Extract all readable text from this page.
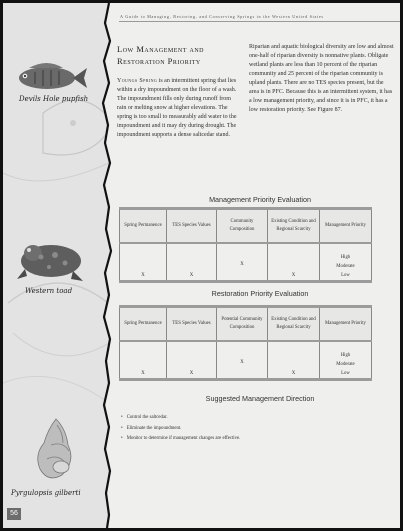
Devils Hole pupfish
Western toad
Pyrgulopsis gilberti
56
A Guide to Managing, Restoring, and Conserving Springs in the Western United States
Low Management and Restoration Priority

Youngs Spring is an intermittent spring that lies within a dry impoundment on the floor of a wash. The impoundment fills only during runoff from rain or melting snow at higher elevations. The spring is too small to measurably add water to the impoundment and it may dry during drought. The impoundment supports a dense saltcedar stand.

Riparian and aquatic biological diversity are low and almost one-half of riparian diversity is nonnative plants. Obligate wetland plants are less than 10 percent of the riparian community and 25 percent of the riparian community is upland plants. There are no TES species present, but the area is in PFC. Because this is an intermittent system, it has a low management priority, and since it is in PFC, it has a low restoration priority. See Figure 87.

Management Priority Evaluation
Spring Permanence	TES Species Values	Community Composition	Existing Condition and Regional Scarcity	Management Priority
X	X	X	X	High
Moderate
Low
Restoration Priority Evaluation
Spring Permanence	TES Species Values	Potential Community Composition	Existing Condition and Regional Scarcity	Management Priority
X	X	X	X	High
Moderate
Low
Suggested Management Direction
• Control the saltcedar.
• Eliminate the impoundment.
• Monitor to determine if management changes are effective.
